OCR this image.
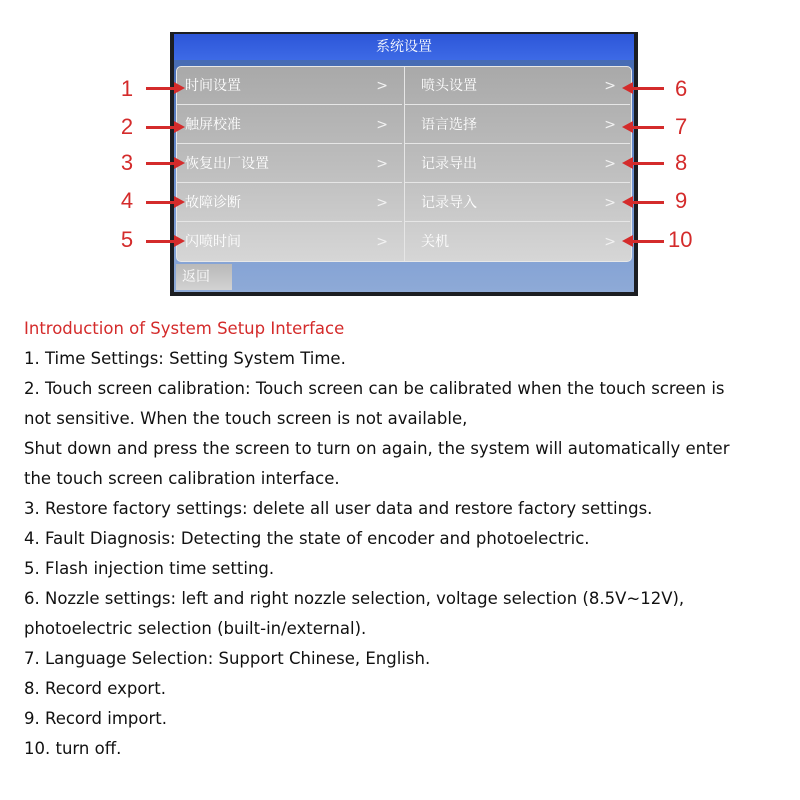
系统设置
时间设置	>
触屏校准	>
恢复出厂设置	>
故障诊断	>
闪喷时间	>
喷头设置	>
语言选择	>
记录导出	>
记录导入	>
关机	>
返回
1
2
3
4
5
6
7
8
9
10

Introduction of System Setup Interface

1. Time Settings: Setting System Time.

2. Touch screen calibration: Touch screen can be calibrated when the touch screen is

not sensitive. When the touch screen is not available,

Shut down and press the screen to turn on again, the system will automatically enter

the touch screen calibration interface.

3. Restore factory settings: delete all user data and restore factory settings.

4. Fault Diagnosis: Detecting the state of encoder and photoelectric.

5. Flash injection time setting.

6. Nozzle settings: left and right nozzle selection, voltage selection (8.5V~12V),

photoelectric selection (built-in/external).

7. Language Selection: Support Chinese, English.

8. Record export.

9. Record import.

10. turn off.
